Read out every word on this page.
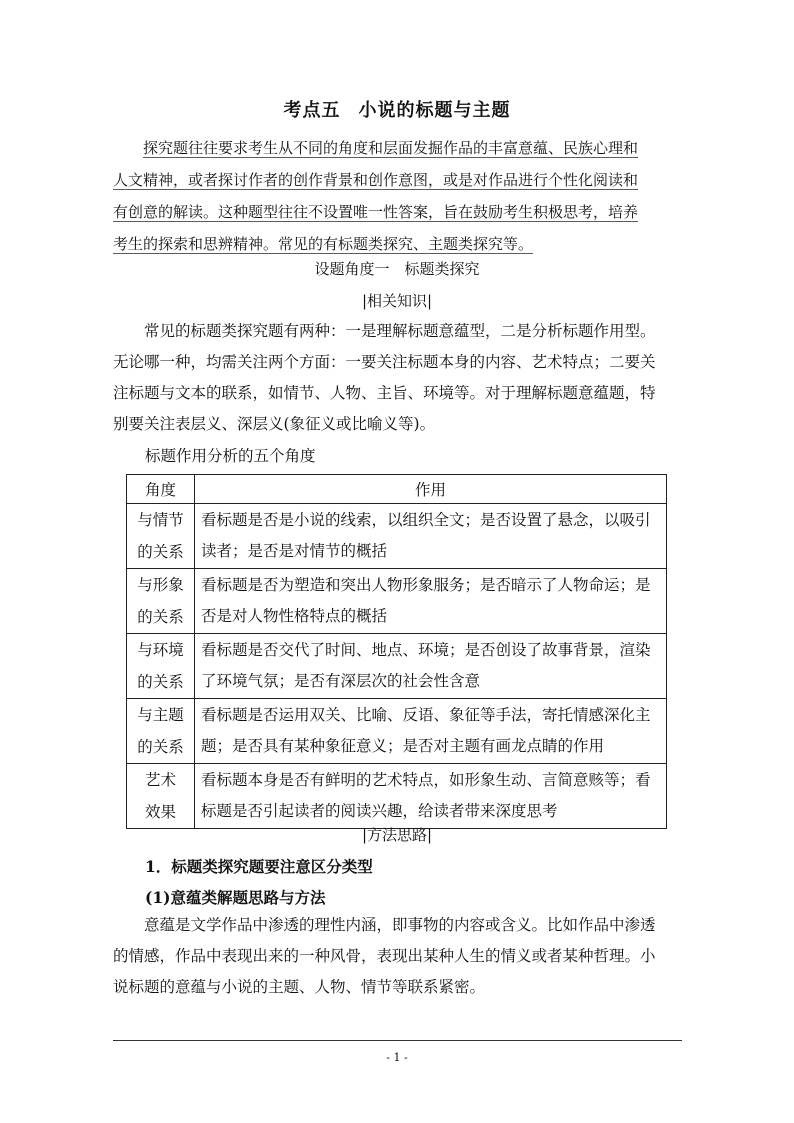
考点五 小说的标题与主题
探究题往往要求考生从不同的角度和层面发掘作品的丰富意蕴、民族心理和
人文精神，或者探讨作者的创作背景和创作意图，或是对作品进行个性化阅读和
有创意的解读。这种题型往往不设置唯一性答案，旨在鼓励考生积极思考，培养
考生的探索和思辨精神。常见的有标题类探究、主题类探究等。
设题角度一　标题类探究
|相关知识|
常见的标题类探究题有两种：一是理解标题意蕴型，二是分析标题作用型。
无论哪一种，均需关注两个方面：一要关注标题本身的内容、艺术特点；二要关
注标题与文本的联系，如情节、人物、主旨、环境等。对于理解标题意蕴题，特
别要关注表层义、深层义(象征义或比喻义等)。
标题作用分析的五个角度
角度	作用
与情节
的关系	看标题是否是小说的线索，以组织全文；是否设置了悬念，以吸引
读者；是否是对情节的概括
与形象
的关系	看标题是否为塑造和突出人物形象服务；是否暗示了人物命运；是
否是对人物性格特点的概括
与环境
的关系	看标题是否交代了时间、地点、环境；是否创设了故事背景，渲染
了环境气氛；是否有深层次的社会性含意
与主题
的关系	看标题是否运用双关、比喻、反语、象征等手法，寄托情感深化主
题；是否具有某种象征意义；是否对主题有画龙点睛的作用
艺术
效果	看标题本身是否有鲜明的艺术特点，如形象生动、言简意赅等；看
标题是否引起读者的阅读兴趣，给读者带来深度思考
|方法思路|
1．标题类探究题要注意区分类型
(1)意蕴类解题思路与方法
意蕴是文学作品中渗透的理性内涵，即事物的内容或含义。比如作品中渗透
的情感，作品中表现出来的一种风骨，表现出某种人生的情义或者某种哲理。小
说标题的意蕴与小说的主题、人物、情节等联系紧密。
- 1 -
